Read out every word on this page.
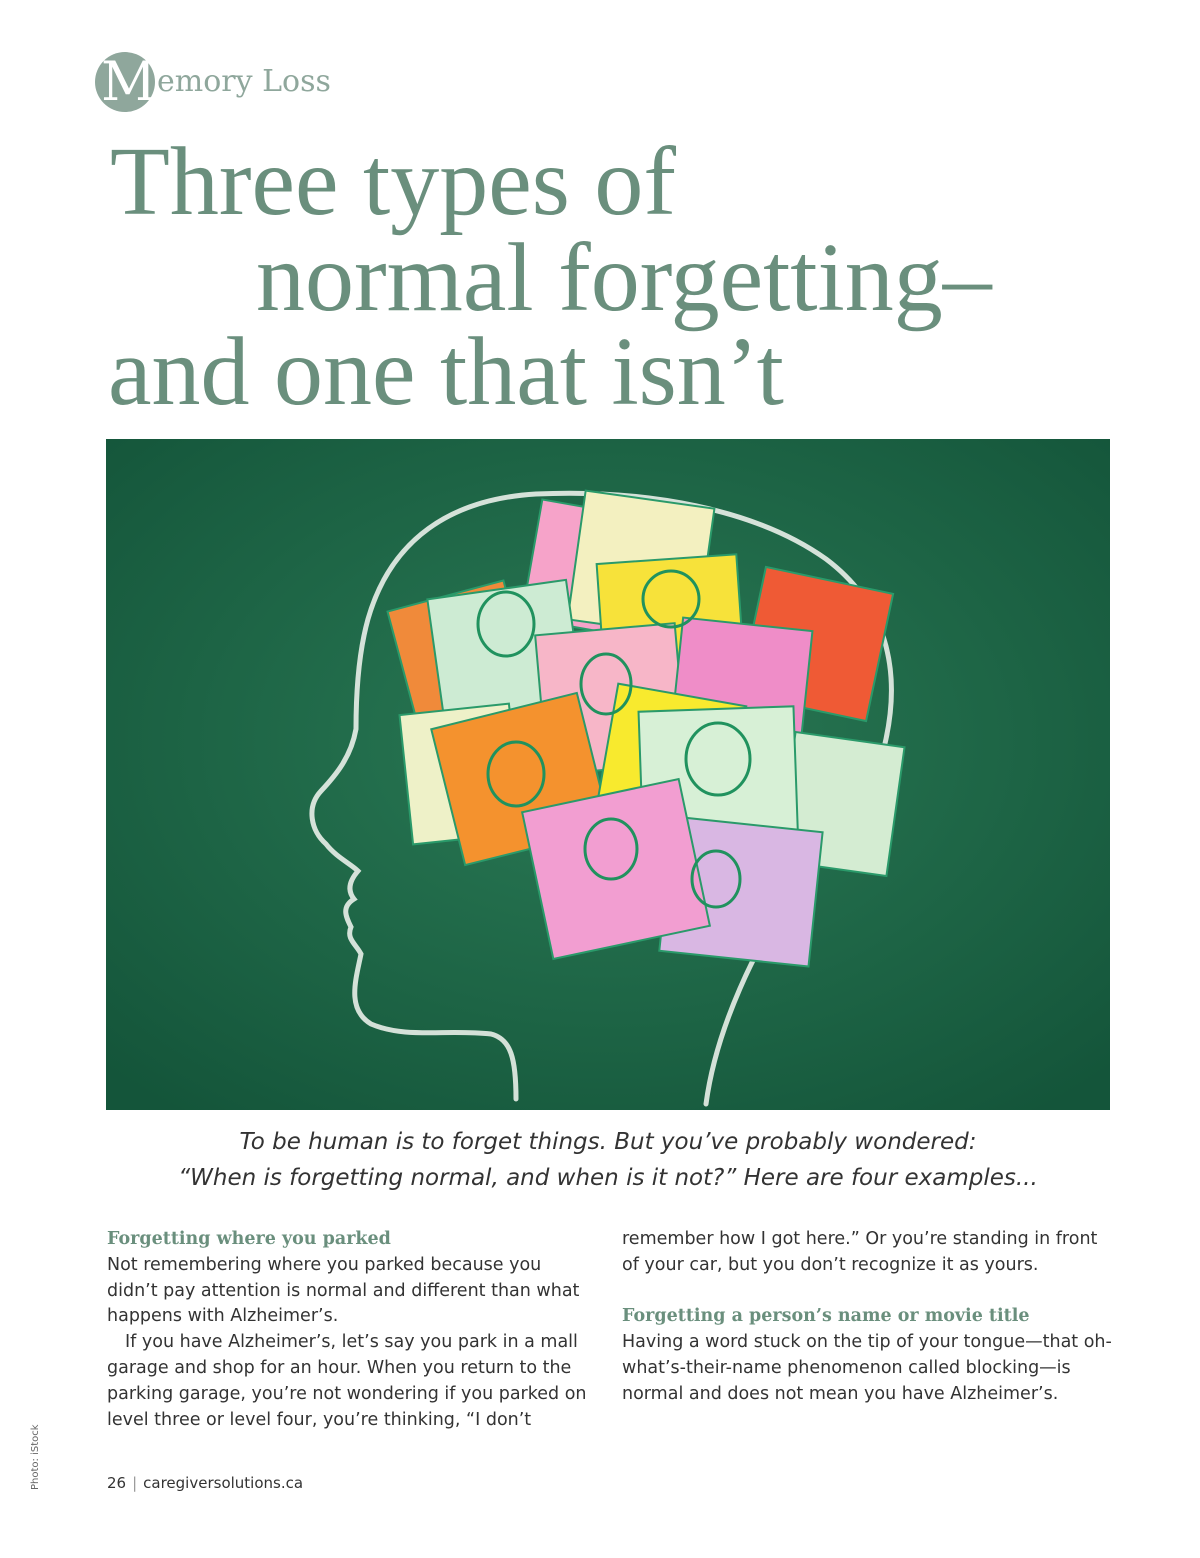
M emory Loss
Three types of
normal forgetting–
and one that isn’t
To be human is to forget things. But you’ve probably wondered:
“When is forgetting normal, and when is it not?” Here are four examples...
Forgetting where you parked

Not remembering where you parked because you didn’t pay attention is normal and different than what happens with Alzheimer’s.

If you have Alzheimer’s, let’s say you park in a mall garage and shop for an hour. When you return to the parking garage, you’re not wondering if you parked on level three or level four, you’re thinking, “I don’t

remember how I got here.” Or you’re standing in front of your car, but you don’t recognize it as yours.

Forgetting a person’s name or movie title

Having a word stuck on the tip of your tongue—that oh-what’s-their-name phenomenon called blocking—is normal and does not mean you have Alzheimer’s.

Photo: iStock	26 | caregiversolutions.ca
